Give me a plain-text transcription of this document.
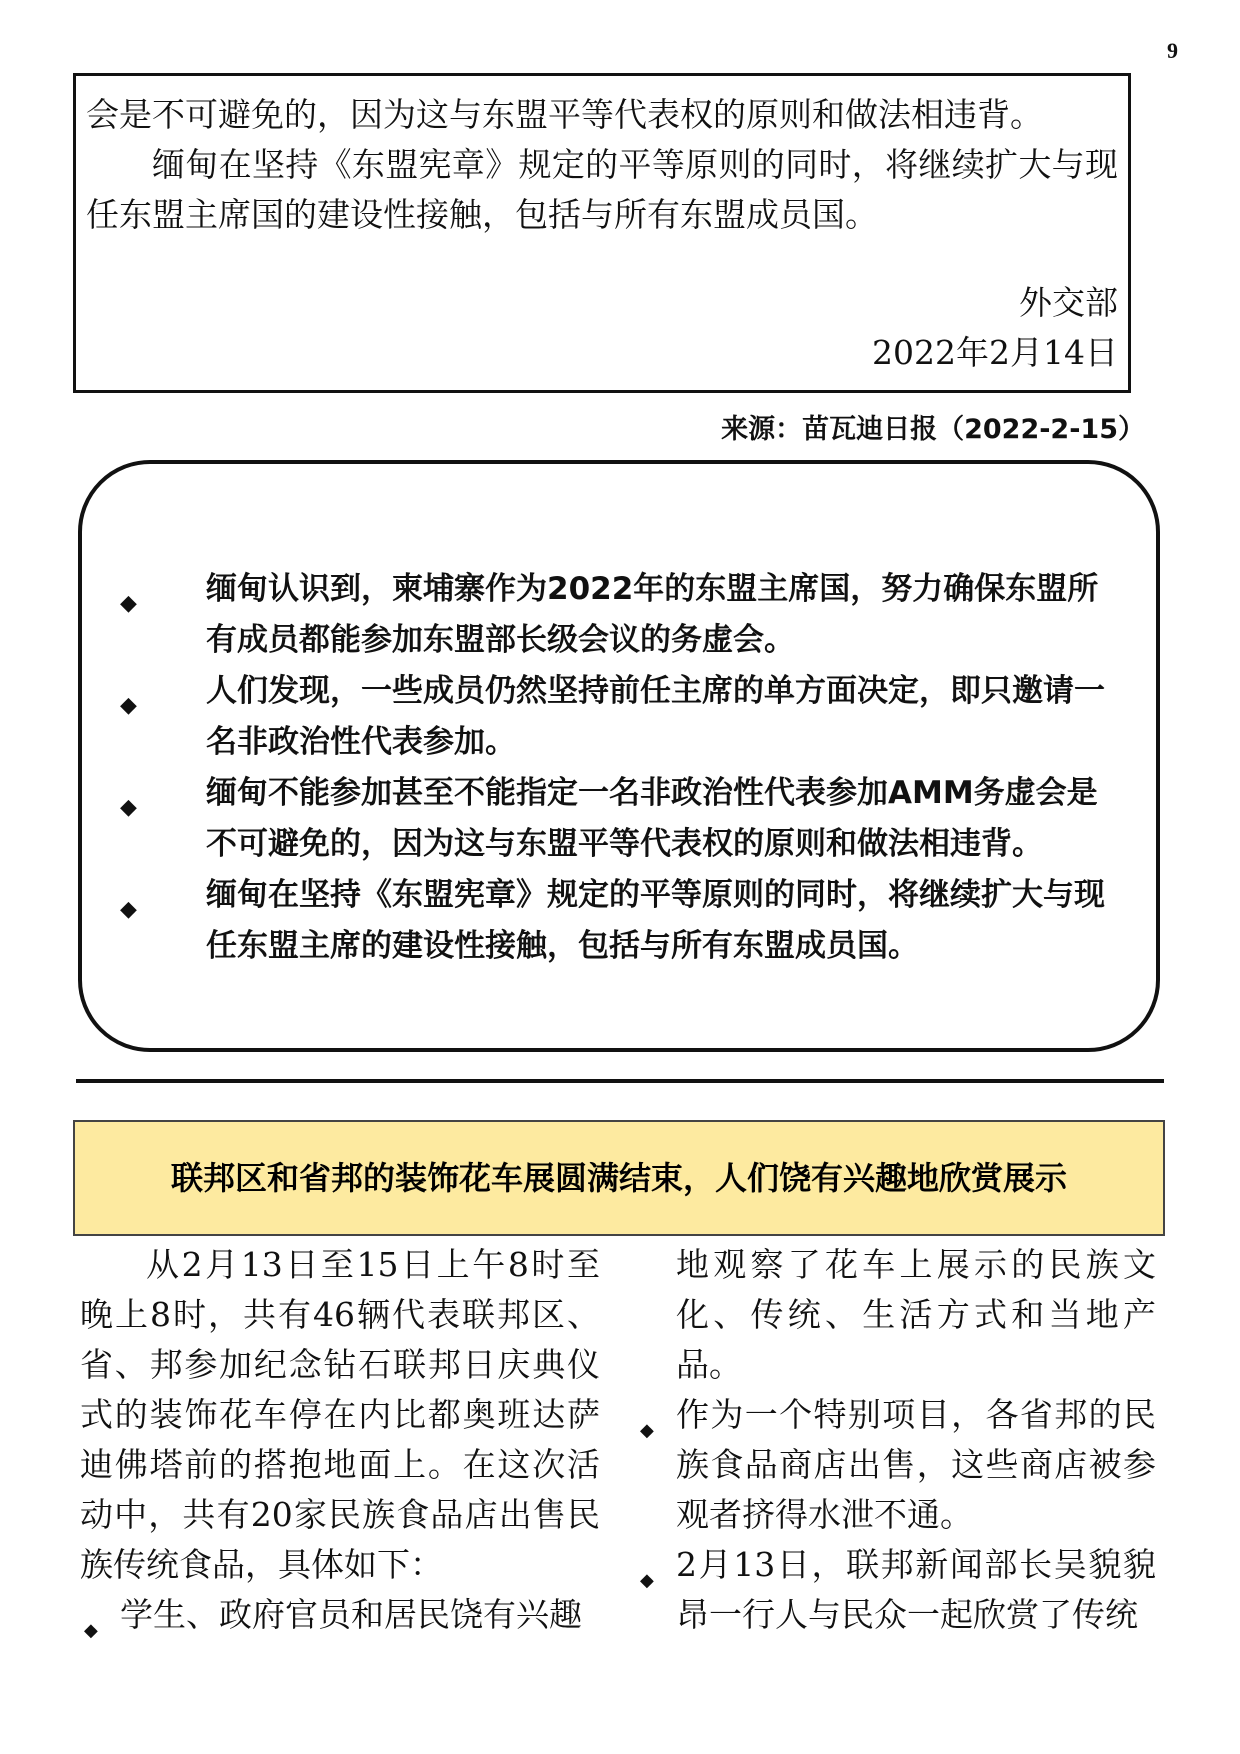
9

会是不可避免的，因为这与东盟平等代表权的原则和做法相违背。

缅甸在坚持《东盟宪章》规定的平等原则的同时，将继续扩大与现任东盟主席国的建设性接触，包括与所有东盟成员国。

外交部
2022年2月14日
来源：苗瓦迪日报（2022-2-15）
◆ 缅甸认识到，柬埔寨作为2022年的东盟主席国，努力确保东盟所有成员都能参加东盟部长级会议的务虚会。
◆ 人们发现，一些成员仍然坚持前任主席的单方面决定，即只邀请一名非政治性代表参加。
◆ 缅甸不能参加甚至不能指定一名非政治性代表参加AMM务虚会是不可避免的，因为这与东盟平等代表权的原则和做法相违背。
◆ 缅甸在坚持《东盟宪章》规定的平等原则的同时，将继续扩大与现任东盟主席的建设性接触，包括与所有东盟成员国。
联邦区和省邦的装饰花车展圆满结束，人们饶有兴趣地欣赏展示

从2月13日至15日上午8时至晚上8时，共有46辆代表联邦区、省、邦参加纪念钻石联邦日庆典仪式的装饰花车停在内比都奥班达萨迪佛塔前的搭抱地面上。在这次活动中，共有20家民族食品店出售民族传统食品，具体如下：

◆ 学生、政府官员和居民饶有兴趣
地观察了花车上展示的民族文化、传统、生活方式和当地产品。
◆ 作为一个特别项目，各省邦的民族食品商店出售，这些商店被参观者挤得水泄不通。
◆ 2月13日，联邦新闻部长吴貌貌昂一行人与民众一起欣赏了传统
